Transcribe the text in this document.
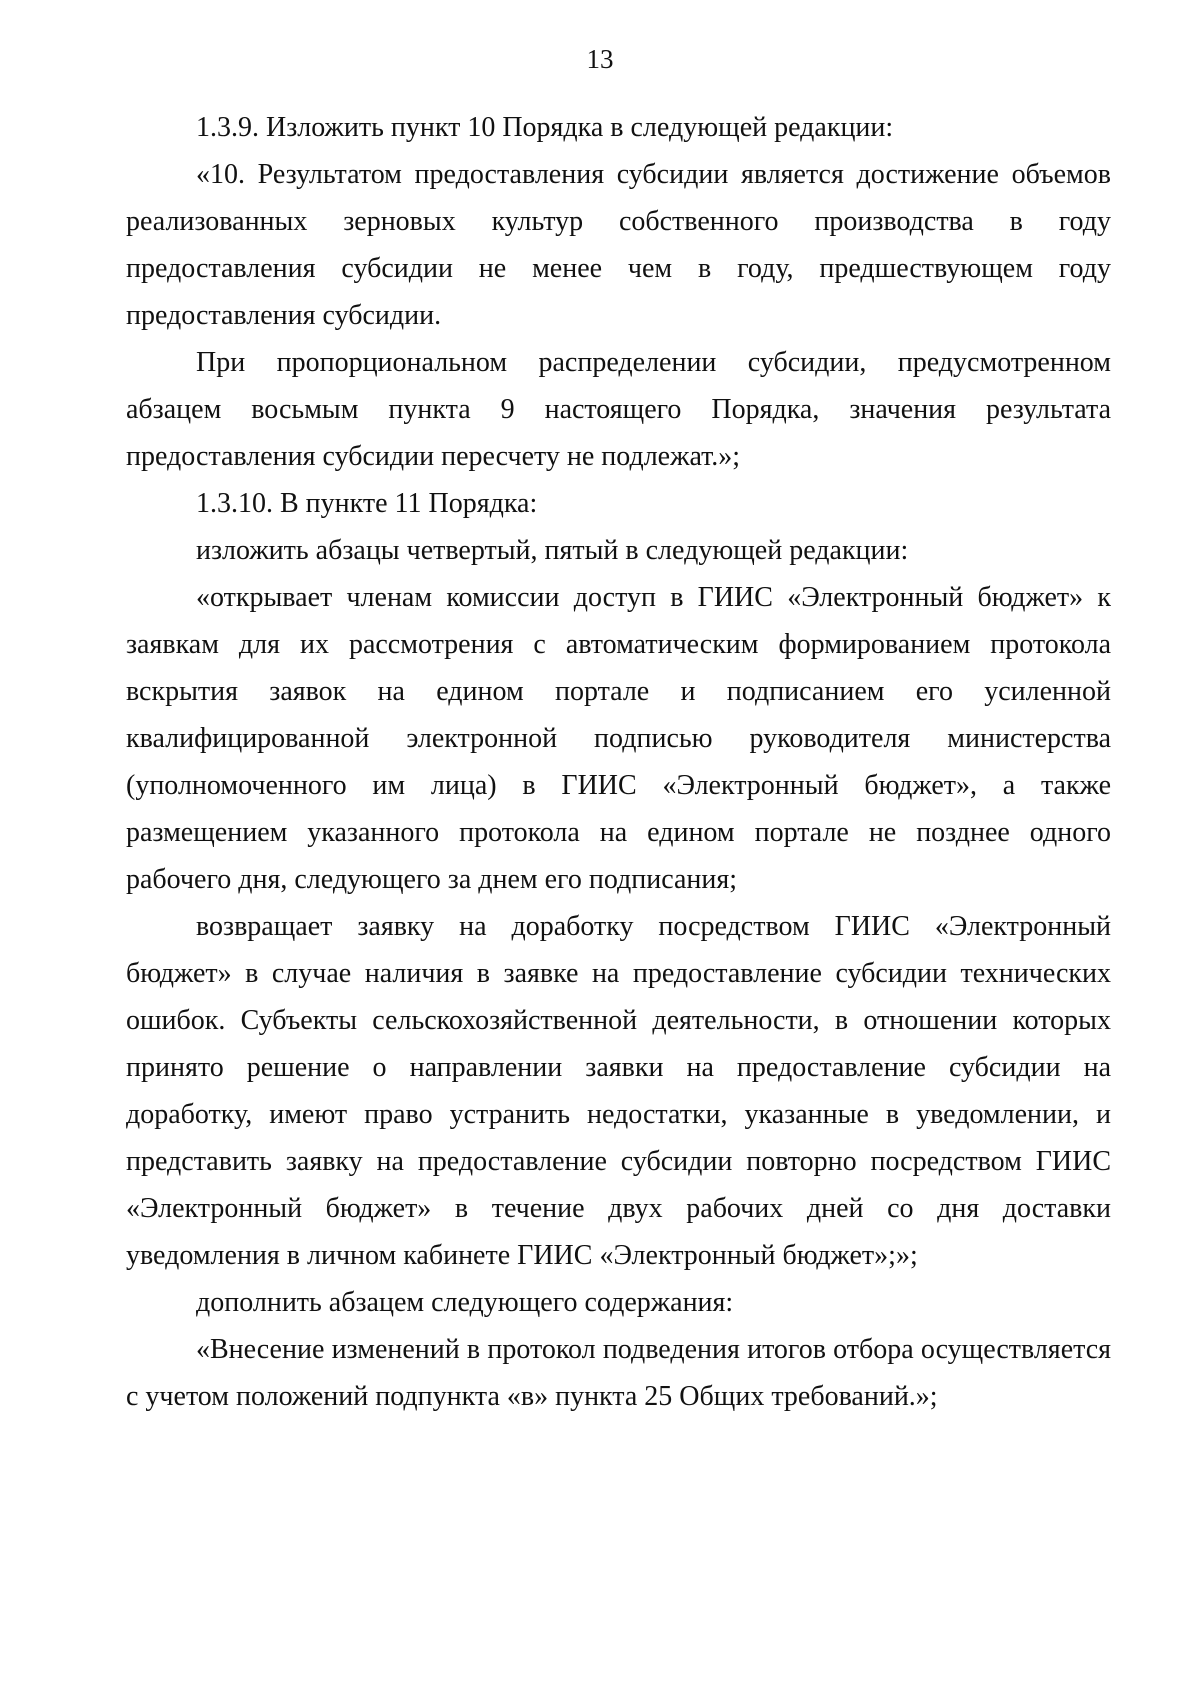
13

1.3.9. Изложить пункт 10 Порядка в следующей редакции:

«10. Результатом предоставления субсидии является достижение объемов реализованных зерновых культур собственного производства в году предоставления субсидии не менее чем в году, предшествующем году предоставления субсидии.

При пропорциональном распределении субсидии, предусмотренном абзацем восьмым пункта 9 настоящего Порядка, значения результата предоставления субсидии пересчету не подлежат.»;

1.3.10. В пункте 11 Порядка:

изложить абзацы четвертый, пятый в следующей редакции:

«открывает членам комиссии доступ в ГИИС «Электронный бюджет» к заявкам для их рассмотрения с автоматическим формированием протокола вскрытия заявок на едином портале и подписанием его усиленной квалифицированной электронной подписью руководителя министерства (уполномоченного им лица) в ГИИС «Электронный бюджет», а также размещением указанного протокола на едином портале не позднее одного рабочего дня, следующего за днем его подписания;

возвращает заявку на доработку посредством ГИИС «Электронный бюджет» в случае наличия в заявке на предоставление субсидии технических ошибок. Субъекты сельскохозяйственной деятельности, в отношении которых принято решение о направлении заявки на предоставление субсидии на доработку, имеют право устранить недостатки, указанные в уведомлении, и представить заявку на предоставление субсидии повторно посредством ГИИС «Электронный бюджет» в течение двух рабочих дней со дня доставки уведомления в личном кабинете ГИИС «Электронный бюджет»;»;

дополнить абзацем следующего содержания:

«Внесение изменений в протокол подведения итогов отбора осуществляется с учетом положений подпункта «в» пункта 25 Общих требований.»;
